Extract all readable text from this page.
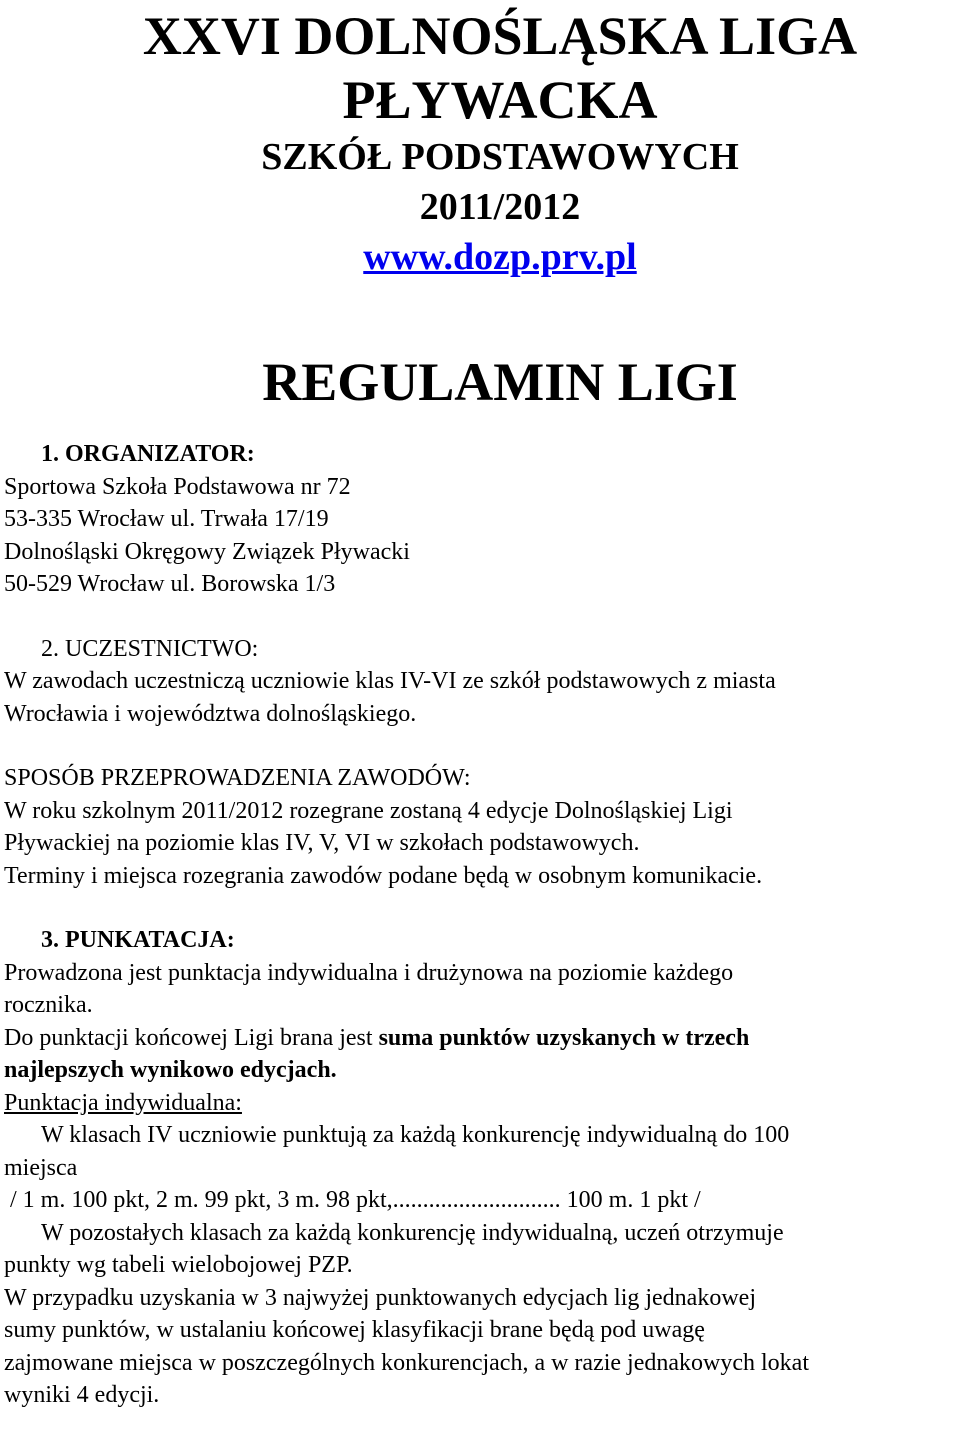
XXVI DOLNOŚLĄSKA LIGA
PŁYWACKA
SZKÓŁ PODSTAWOWYCH
2011/2012
www.dozp.prv.pl
REGULAMIN LIGI

1. ORGANIZATOR:

Sportowa Szkoła Podstawowa nr 72

53-335 Wrocław ul. Trwała 17/19

Dolnośląski Okręgowy Związek Pływacki

50-529 Wrocław ul. Borowska 1/3

2. UCZESTNICTWO:

W zawodach uczestniczą uczniowie klas IV-VI ze szkół podstawowych z miasta

Wrocławia i województwa dolnośląskiego.

SPOSÓB PRZEPROWADZENIA ZAWODÓW:

W roku szkolnym 2011/2012 rozegrane zostaną 4 edycje Dolnośląskiej Ligi

Pływackiej na poziomie klas IV, V, VI w szkołach podstawowych.

Terminy i miejsca rozegrania zawodów podane będą w osobnym komunikacie.

3. PUNKATACJA:

Prowadzona jest punktacja indywidualna i drużynowa na poziomie każdego

rocznika.

Do punktacji końcowej Ligi brana jest suma punktów uzyskanych w trzech

najlepszych wynikowo edycjach.

Punktacja indywidualna:

W klasach IV uczniowie punktują za każdą konkurencję indywidualną do 100

miejsca

/ 1 m. 100 pkt, 2 m. 99 pkt, 3 m. 98 pkt,............................ 100 m. 1 pkt /

W pozostałych klasach za każdą konkurencję indywidualną, uczeń otrzymuje

punkty wg tabeli wielobojowej PZP.

W przypadku uzyskania w 3 najwyżej punktowanych edycjach lig jednakowej

sumy punktów, w ustalaniu końcowej klasyfikacji brane będą pod uwagę

zajmowane miejsca w poszczególnych konkurencjach, a w razie jednakowych lokat

wyniki 4 edycji.
